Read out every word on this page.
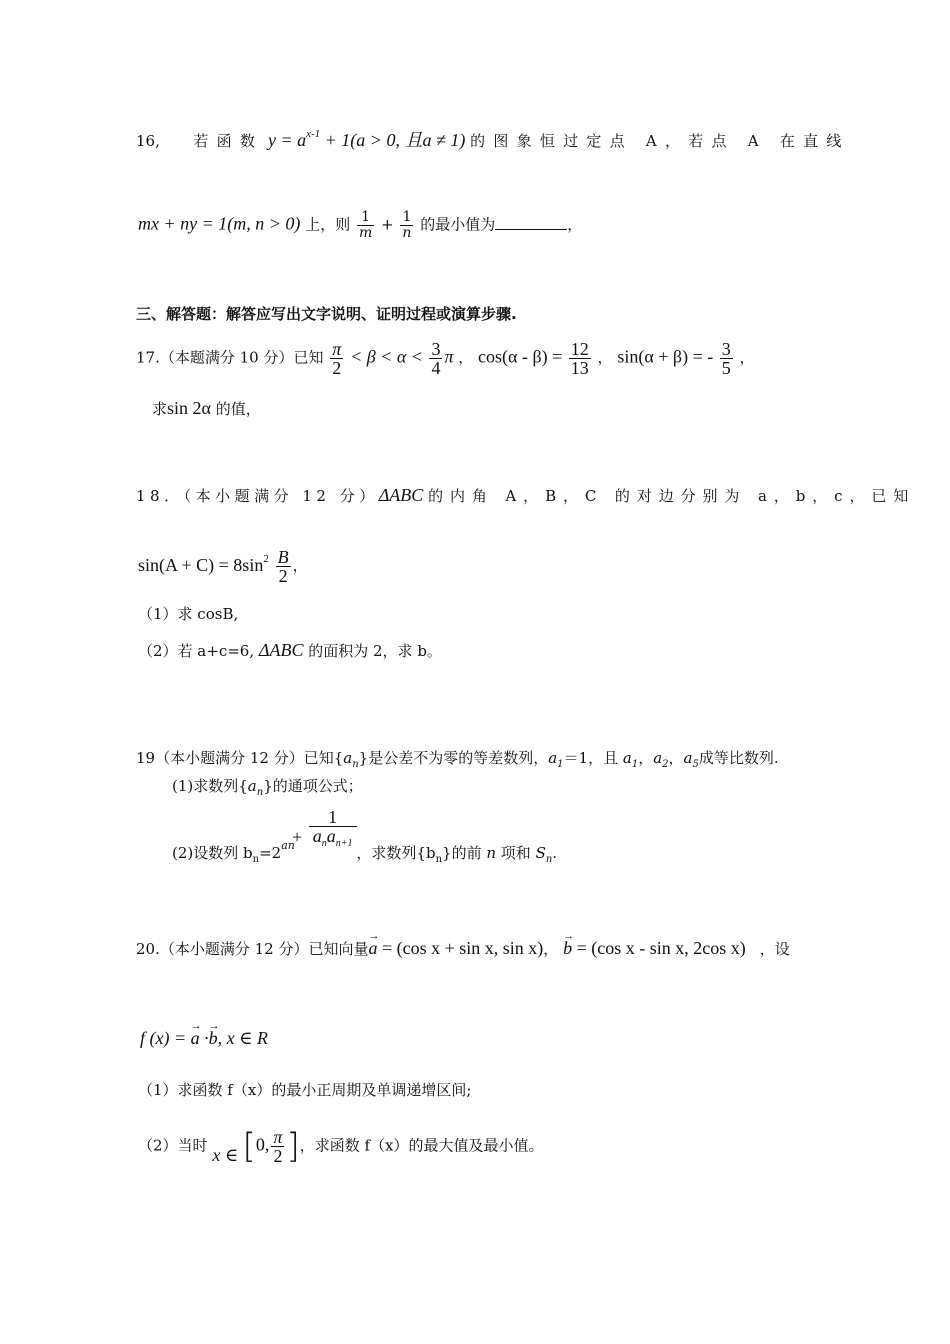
16, 若函数 $y = a^{x-1} + 1(a > 0$, 且a ≠ 1) 的图象恒过定点 A，若点 A 在直线
mx + ny = 1(m, n > 0) 上，则 $\frac{1}{m} + \frac{1}{n}$ 的最小值为	，
三、解答题：解答应写出文字说明、证明过程或演算步骤.
17.（本题满分 10 分）已知 $\frac{\pi}{2} < \beta < \alpha < \frac{3}{4}$ π ， $\cos(\alpha - \beta) = \frac{12}{13}$ ， sin(α + β) = - $\frac{3}{5}$ ，
求sin 2α 的值，
18．（本小题满分 12 分）ΔABC 的内角 A，B，C 的对边分别为 a，b，c，已知
$\sin(A + C) = 8\sin^2 \frac{B}{2}$ ，
（1）求 cosB,
（2）若 a+c=6, ΔABC 的面积为 2，求 b。
19（本小题满分 12 分）已知$\{a_n\}$是公差不为零的等差数列，$a_1=1$，且 $a_1$，$a_2$，$a_5$成等比数列.
(1)求数列$\{a_n\}$的通项公式；
+ $\frac{1}{a_na_{n+1}}$
(2)设数列 $b_n=2^{an}$	，求数列$\{b_n\}$的前 n 项和 $S_n$.
20.（本小题满分 12 分）已知向量→ a = (cos x + sin x, sin x)， → b = (cos x - sin x, 2cos x) ，设
f (x) = → a ·→ b, x ∈ R
（1）求函数 f（x）的最小正周期及单调递增区间;
（2）当时 x ∈ [0, $\frac{\pi}{2}$ ]，求函数 f（x）的最大值及最小值。
